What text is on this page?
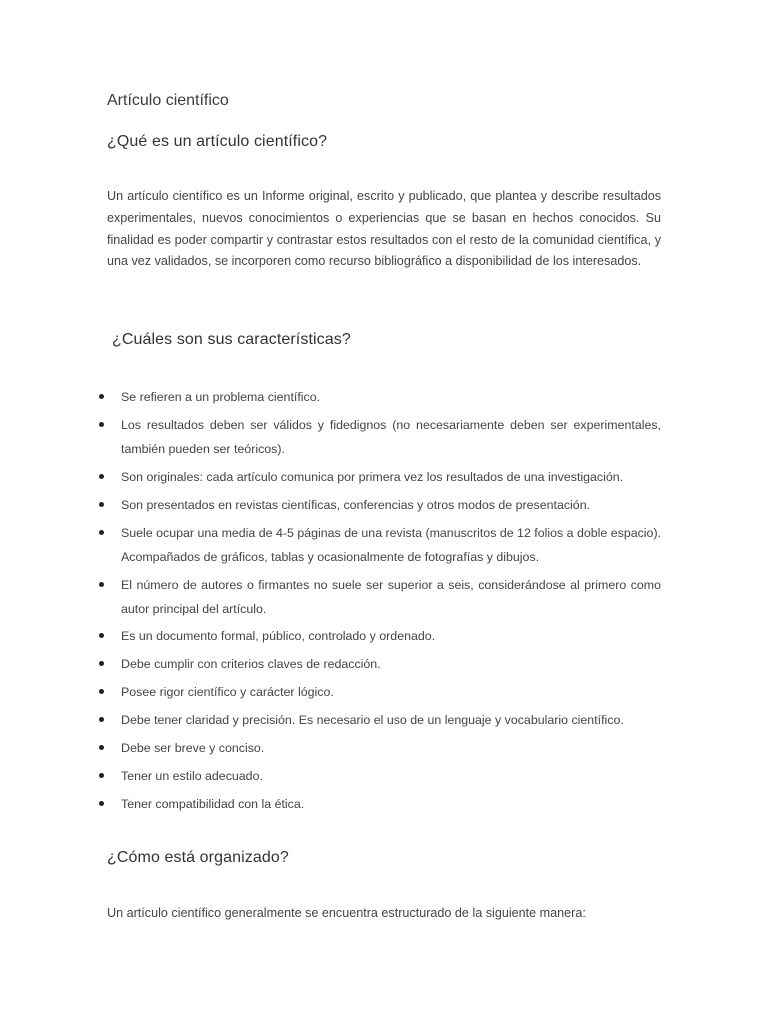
Artículo científico
¿Qué es un artículo científico?

Un artículo científico es un Informe original, escrito y publicado, que plantea y describe resultados experimentales, nuevos conocimientos o experiencias que se basan en hechos conocidos. Su finalidad es poder compartir y contrastar estos resultados con el resto de la comunidad científica, y una vez validados, se incorporen como recurso bibliográfico a disponibilidad de los interesados.

¿Cuáles son sus características?
Se refieren a un problema científico.
Los resultados deben ser válidos y fidedignos (no necesariamente deben ser experimentales, también pueden ser teóricos).
Son originales: cada artículo comunica por primera vez los resultados de una investigación.
Son presentados en revistas científicas, conferencias y otros modos de presentación.
Suele ocupar una media de 4-5 páginas de una revista (manuscritos de 12 folios a doble espacio). Acompañados de gráficos, tablas y ocasionalmente de fotografías y dibujos.
El número de autores o firmantes no suele ser superior a seis, considerándose al primero como autor principal del artículo.
Es un documento formal, público, controlado y ordenado.
Debe cumplir con criterios claves de redacción.
Posee rigor científico y carácter lógico.
Debe tener claridad y precisión. Es necesario el uso de un lenguaje y vocabulario científico.
Debe ser breve y conciso.
Tener un estilo adecuado.
Tener compatibilidad con la ética.
¿Cómo está organizado?

Un artículo científico generalmente se encuentra estructurado de la siguiente manera:
